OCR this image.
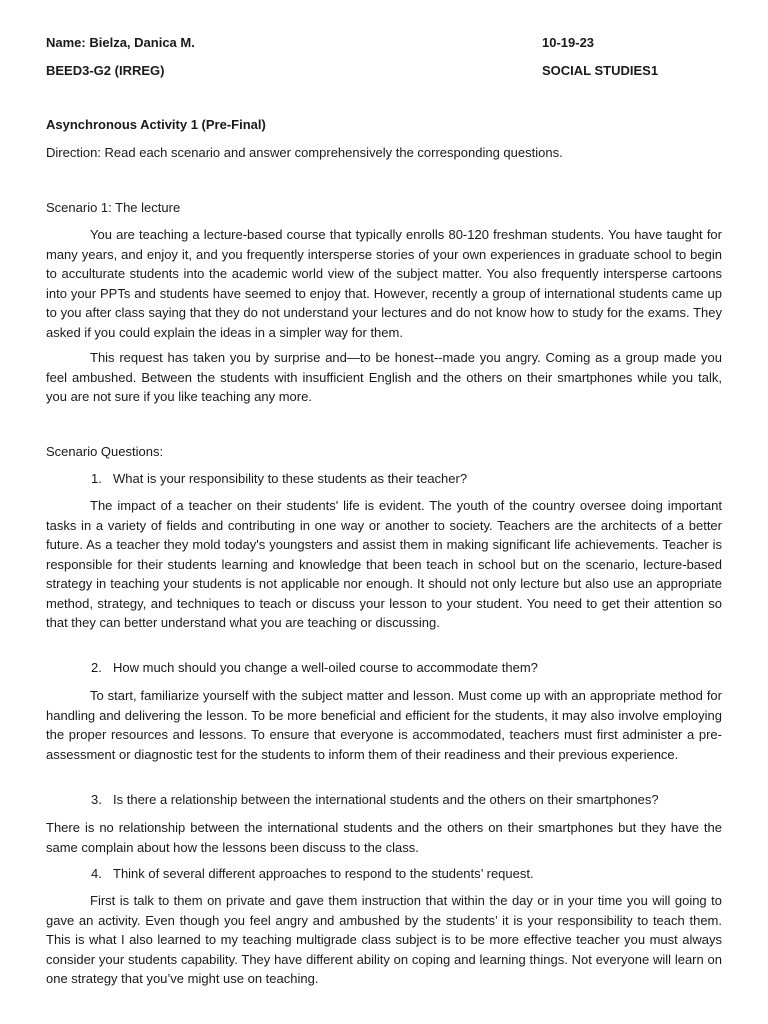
Name: Bielza, Danica M.	10-19-23
BEED3-G2 (IRREG)	SOCIAL STUDIES1
Asynchronous Activity 1 (Pre-Final)
Direction: Read each scenario and answer comprehensively the corresponding questions.
Scenario 1: The lecture

You are teaching a lecture-based course that typically enrolls 80-120 freshman students. You have taught for many years, and enjoy it, and you frequently intersperse stories of your own experiences in graduate school to begin to acculturate students into the academic world view of the subject matter. You also frequently intersperse cartoons into your PPTs and students have seemed to enjoy that. However, recently a group of international students came up to you after class saying that they do not understand your lectures and do not know how to study for the exams. They asked if you could explain the ideas in a simpler way for them.

This request has taken you by surprise and—to be honest--made you angry. Coming as a group made you feel ambushed. Between the students with insufficient English and the others on their smartphones while you talk, you are not sure if you like teaching any more.

Scenario Questions:
1. What is your responsibility to these students as their teacher?

The impact of a teacher on their students' life is evident. The youth of the country oversee doing important tasks in a variety of fields and contributing in one way or another to society. Teachers are the architects of a better future. As a teacher they mold today's youngsters and assist them in making significant life achievements. Teacher is responsible for their students learning and knowledge that been teach in school but on the scenario, lecture-based strategy in teaching your students is not applicable nor enough. It should not only lecture but also use an appropriate method, strategy, and techniques to teach or discuss your lesson to your student. You need to get their attention so that they can better understand what you are teaching or discussing.

2. How much should you change a well-oiled course to accommodate them?

To start, familiarize yourself with the subject matter and lesson. Must come up with an appropriate method for handling and delivering the lesson. To be more beneficial and efficient for the students, it may also involve employing the proper resources and lessons. To ensure that everyone is accommodated, teachers must first administer a pre-assessment or diagnostic test for the students to inform them of their readiness and their previous experience.

3. Is there a relationship between the international students and the others on their smartphones?

There is no relationship between the international students and the others on their smartphones but they have the same complain about how the lessons been discuss to the class.

4. Think of several different approaches to respond to the students’ request.

First is talk to them on private and gave them instruction that within the day or in your time you will going to gave an activity. Even though you feel angry and ambushed by the students’ it is your responsibility to teach them. This is what I also learned to my teaching multigrade class subject is to be more effective teacher you must always consider your students capability. They have different ability on coping and learning things. Not everyone will learn on one strategy that you’ve might use on teaching.
